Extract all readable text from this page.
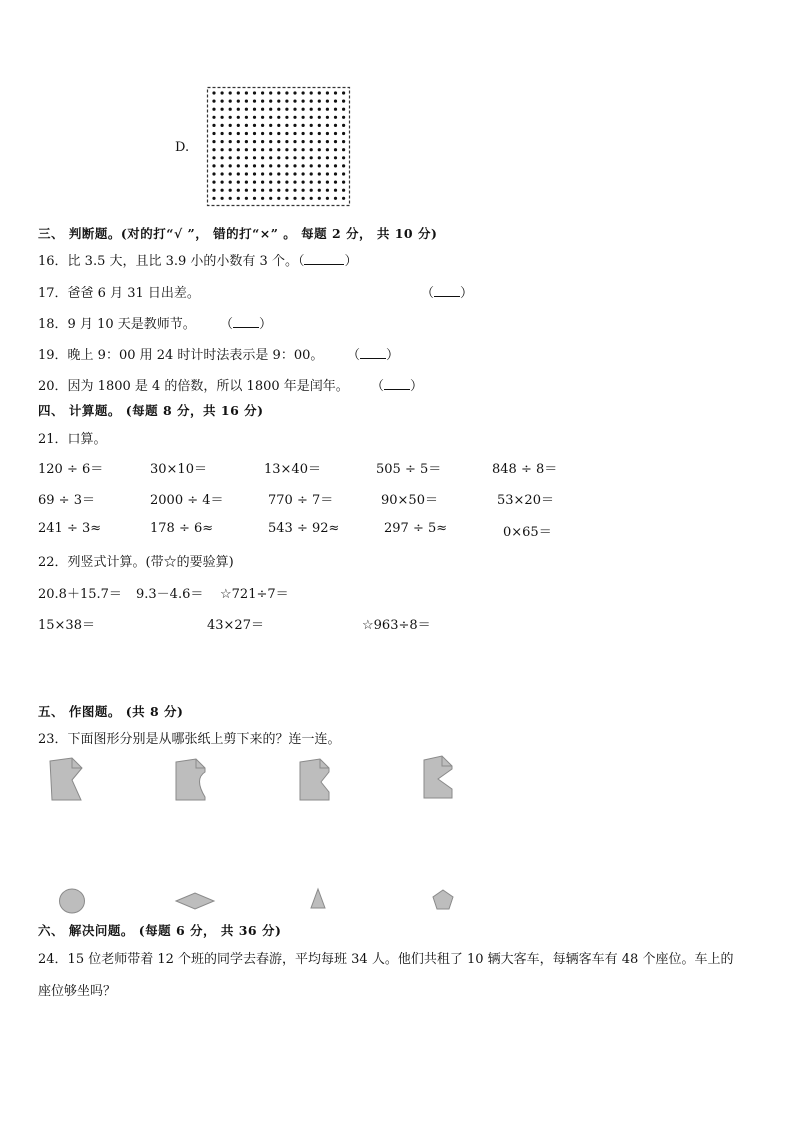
D.
三、 判断题。(对的打“√ ”， 错的打“×” 。 每题 2 分， 共 10 分)
16．比 3.5 大，且比 3.9 小的小数有 3 个。（	）
17．爸爸 6 月 31 日出差。	（ ）
18．9 月 10 天是教师节。 （ ）
19．晚上 9：00 用 24 时计时法表示是 9：00。 （ ）
20．因为 1800 是 4 的倍数，所以 1800 年是闰年。 （ ）
四、 计算题。 (每题 8 分，共 16 分)
21．口算。
120 ÷ 6＝	30×10＝	13×40＝	505 ÷ 5＝	848 ÷ 8＝
69 ÷ 3＝	2000 ÷ 4＝	770 ÷ 7＝	90×50＝	53×20＝
241 ÷ 3≈	178 ÷ 6≈	543 ÷ 92≈	297 ÷ 5≈	0×65＝
22．列竖式计算。(带☆的要验算)
20.8＋15.7＝ 9.3－4.6＝ ☆721÷7＝
15×38＝	43×27＝	☆963÷8＝
五、 作图题。 (共 8 分)
23．下面图形分别是从哪张纸上剪下来的？连一连。
六、 解决问题。 (每题 6 分， 共 36 分)
24．15 位老师带着 12 个班的同学去春游，平均每班 34 人。他们共租了 10 辆大客车，每辆客车有 48 个座位。车上的
座位够坐吗？
